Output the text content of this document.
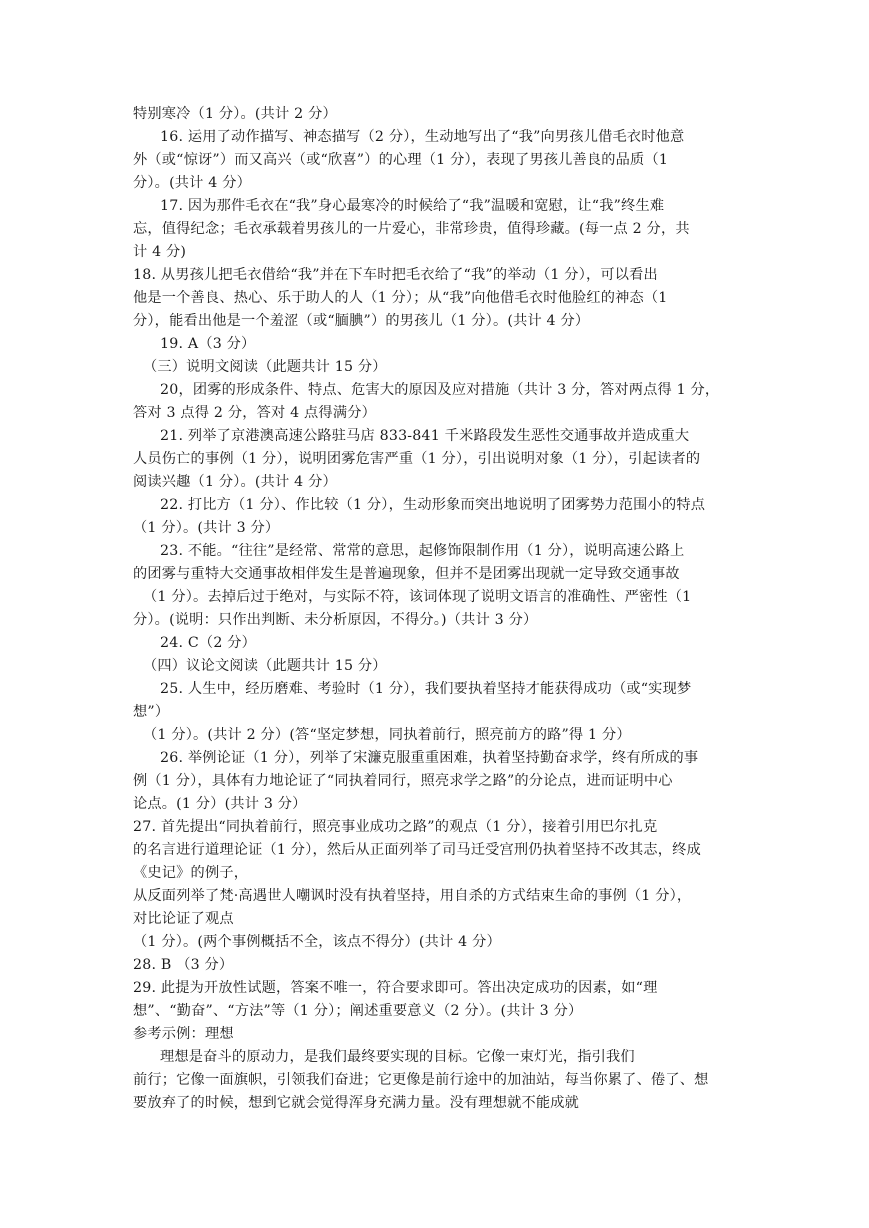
特别寒冷（1 分）。(共计 2 分）
16. 运用了动作描写、神态描写（2 分），生动地写出了“我”向男孩儿借毛衣时他意
外（或“惊讶”）而又高兴（或“欣喜”）的心理（1 分），表现了男孩儿善良的品质（1
分）。(共计 4 分）
17. 因为那件毛衣在“我”身心最寒冷的时候给了“我”温暖和宽慰，让“我”终生难
忘，值得纪念；毛衣承载着男孩儿的一片爱心，非常珍贵，值得珍藏。(每一点 2 分，共
计 4 分)
18. 从男孩儿把毛衣借给“我”并在下车时把毛衣给了“我”的举动（1 分），可以看出
他是一个善良、热心、乐于助人的人（1 分）；从“我”向他借毛衣时他脸红的神态（1
分），能看出他是一个羞涩（或“腼腆”）的男孩儿（1 分）。(共计 4 分）
19. A（3 分）
（三）说明文阅读（此题共计 15 分）
20，团雾的形成条件、特点、危害大的原因及应对措施（共计 3 分，答对两点得 1 分，
答对 3 点得 2 分，答对 4 点得满分）
21. 列举了京港澳高速公路驻马店 833-841 千米路段发生恶性交通事故并造成重大
人员伤亡的事例（1 分），说明团雾危害严重（1 分），引出说明对象（1 分），引起读者的
阅读兴趣（1 分）。(共计 4 分）
22. 打比方（1 分）、作比较（1 分），生动形象而突出地说明了团雾势力范围小的特点
（1 分）。(共计 3 分）
23. 不能。“往往”是经常、常常的意思，起修饰限制作用（1 分），说明高速公路上
的团雾与重特大交通事故相伴发生是普遍现象，但并不是团雾出现就一定导致交通事故
（1 分）。去掉后过于绝对，与实际不符，该词体现了说明文语言的准确性、严密性（1
分）。(说明：只作出判断、未分析原因，不得分。)（共计 3 分）
24. C（2 分）
（四）议论文阅读（此题共计 15 分）
25. 人生中，经历磨难、考验时（1 分），我们要执着坚持才能获得成功（或“实现梦
想”）
（1 分）。(共计 2 分）(答“坚定梦想，同执着前行，照亮前方的路”得 1 分）
26. 举例论证（1 分），列举了宋濂克服重重困难，执着坚持勤奋求学，终有所成的事
例（1 分），具体有力地论证了“同执着同行，照亮求学之路”的分论点，进而证明中心
论点。(1 分）(共计 3 分）
27. 首先提出“同执着前行，照亮事业成功之路”的观点（1 分），接着引用巴尔扎克
的名言进行道理论证（1 分），然后从正面列举了司马迁受宫刑仍执着坚持不改其志，终成
《史记》的例子，
从反面列举了梵·高遇世人嘲讽时没有执着坚持，用自杀的方式结束生命的事例（1 分），
对比论证了观点
（1 分）。(两个事例概括不全，该点不得分）(共计 4 分）
28. B （3 分）
29. 此提为开放性试题，答案不唯一，符合要求即可。答出决定成功的因素，如“理
想”、“勤奋”、“方法”等（1 分）；阐述重要意义（2 分）。(共计 3 分）
参考示例：理想
理想是奋斗的原动力，是我们最终要实现的目标。它像一束灯光，指引我们
前行；它像一面旗帜，引领我们奋进；它更像是前行途中的加油站，每当你累了、倦了、想
要放弃了的时候，想到它就会觉得浑身充满力量。没有理想就不能成就
